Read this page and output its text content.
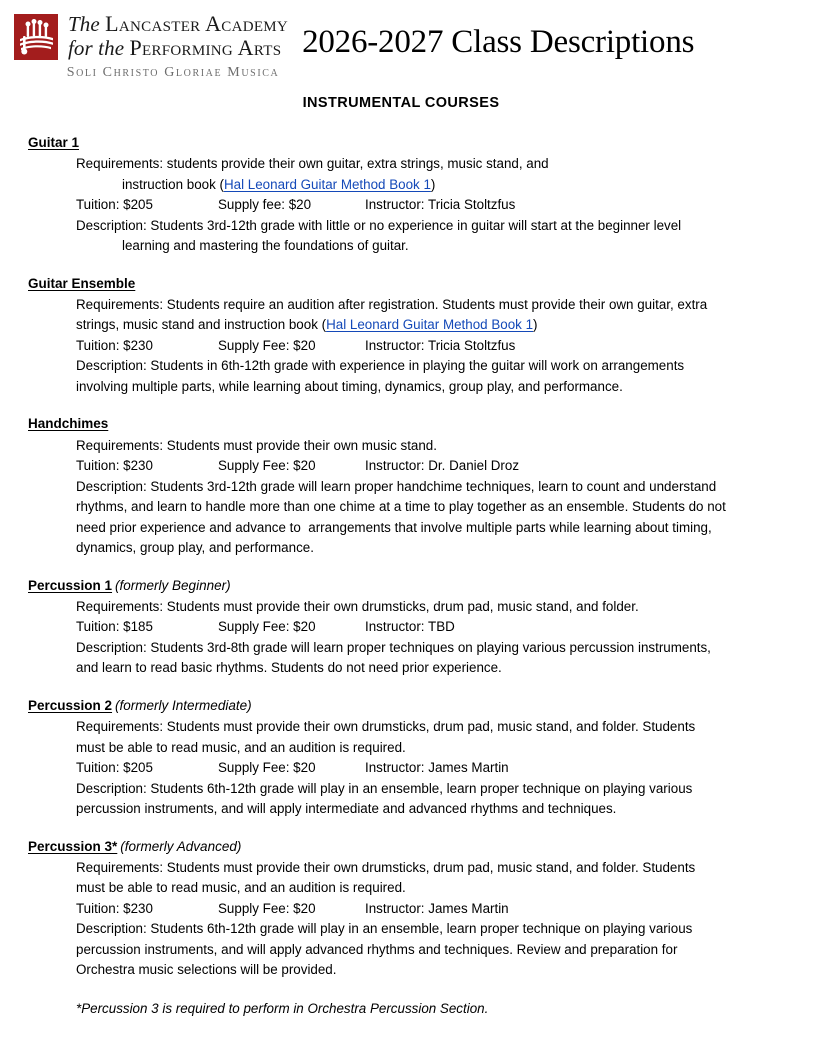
The Lancaster Academy
for the Performing Arts
Soli Christo Gloriae Musica
2026-2027 Class Descriptions
INSTRUMENTAL COURSES
Guitar 1
Requirements: students provide their own guitar, extra strings, music stand, and
instruction book (Hal Leonard Guitar Method Book 1)
Tuition: $205	Supply fee: $20	Instructor: Tricia Stoltzfus
Description: Students 3rd-12th grade with little or no experience in guitar will start at the beginner level
learning and mastering the foundations of guitar.
Guitar Ensemble
Requirements: Students require an audition after registration. Students must provide their own guitar, extra
strings, music stand and instruction book (Hal Leonard Guitar Method Book 1)
Tuition: $230	Supply Fee: $20	Instructor: Tricia Stoltzfus
Description: Students in 6th-12th grade with experience in playing the guitar will work on arrangements
involving multiple parts, while learning about timing, dynamics, group play, and performance.
Handchimes
Requirements: Students must provide their own music stand.
Tuition: $230	Supply Fee: $20	Instructor: Dr. Daniel Droz
Description: Students 3rd-12th grade will learn proper handchime techniques, learn to count and understand
rhythms, and learn to handle more than one chime at a time to play together as an ensemble. Students do not
need prior experience and advance to  arrangements that involve multiple parts while learning about timing,
dynamics, group play, and performance.
Percussion 1 (formerly Beginner)
Requirements: Students must provide their own drumsticks, drum pad, music stand, and folder.
Tuition: $185	Supply Fee: $20	Instructor: TBD
Description: Students 3rd-8th grade will learn proper techniques on playing various percussion instruments,
and learn to read basic rhythms. Students do not need prior experience.
Percussion 2 (formerly Intermediate)
Requirements: Students must provide their own drumsticks, drum pad, music stand, and folder. Students
must be able to read music, and an audition is required.
Tuition: $205	Supply Fee: $20	Instructor: James Martin
Description: Students 6th-12th grade will play in an ensemble, learn proper technique on playing various
percussion instruments, and will apply intermediate and advanced rhythms and techniques.
Percussion 3* (formerly Advanced)
Requirements: Students must provide their own drumsticks, drum pad, music stand, and folder. Students
must be able to read music, and an audition is required.
Tuition: $230	Supply Fee: $20	Instructor: James Martin
Description: Students 6th-12th grade will play in an ensemble, learn proper technique on playing various
percussion instruments, and will apply advanced rhythms and techniques. Review and preparation for
Orchestra music selections will be provided.
*Percussion 3 is required to perform in Orchestra Percussion Section.
